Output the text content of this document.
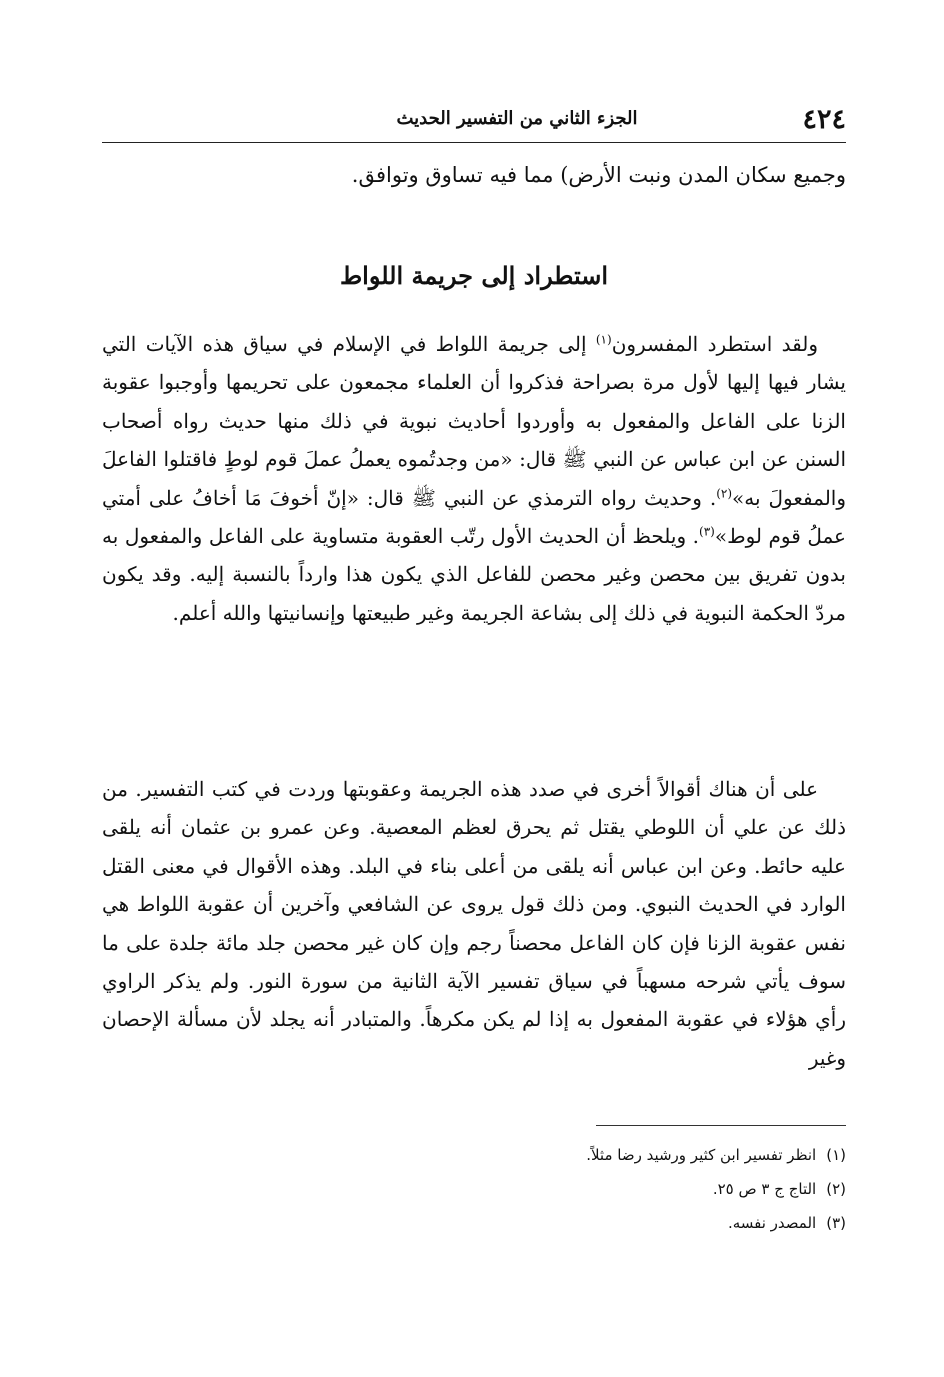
٤٢٤
الجزء الثاني من التفسير الحديث
وجميع سكان المدن ونبت الأرض) مما فيه تساوق وتوافق.
استطراد إلى جريمة اللواط
ولقد استطرد المفسرون$^{(١)}$ إلى جريمة اللواط في الإسلام في سياق هذه الآيات التي يشار فيها إليها لأول مرة بصراحة فذكروا أن العلماء مجمعون على تحريمها وأوجبوا عقوبة الزنا على الفاعل والمفعول به وأوردوا أحاديث نبوية في ذلك منها حديث رواه أصحاب السنن عن ابن عباس عن النبي ﷺ قال: «من وجدتُموه يعملُ عملَ قوم لوطٍ فاقتلوا الفاعلَ والمفعولَ به»$^{(٢)}$. وحديث رواه الترمذي عن النبي ﷺ قال: «إنّ أخوفَ مَا أخافُ على أمتي عملُ قوم لوط»$^{(٣)}$. ويلحظ أن الحديث الأول رتّب العقوبة متساوية على الفاعل والمفعول به بدون تفريق بين محصن وغير محصن للفاعل الذي يكون هذا وارداً بالنسبة إليه. وقد يكون مردّ الحكمة النبوية في ذلك إلى بشاعة الجريمة وغير طبيعتها وإنسانيتها والله أعلم.
على أن هناك أقوالاً أخرى في صدد هذه الجريمة وعقوبتها وردت في كتب التفسير. من ذلك عن علي أن اللوطي يقتل ثم يحرق لعظم المعصية. وعن عمرو بن عثمان أنه يلقى عليه حائط. وعن ابن عباس أنه يلقى من أعلى بناء في البلد. وهذه الأقوال في معنى القتل الوارد في الحديث النبوي. ومن ذلك قول يروى عن الشافعي وآخرين أن عقوبة اللواط هي نفس عقوبة الزنا فإن كان الفاعل محصناً رجم وإن كان غير محصن جلد مائة جلدة على ما سوف يأتي شرحه مسهباً في سياق تفسير الآية الثانية من سورة النور. ولم يذكر الراوي رأي هؤلاء في عقوبة المفعول به إذا لم يكن مكرهاً. والمتبادر أنه يجلد لأن مسألة الإحصان وغير
(١)انظر تفسير ابن كثير ورشيد رضا مثلاً.
(٢)التاج ج ٣ ص ٢٥.
(٣)المصدر نفسه.
